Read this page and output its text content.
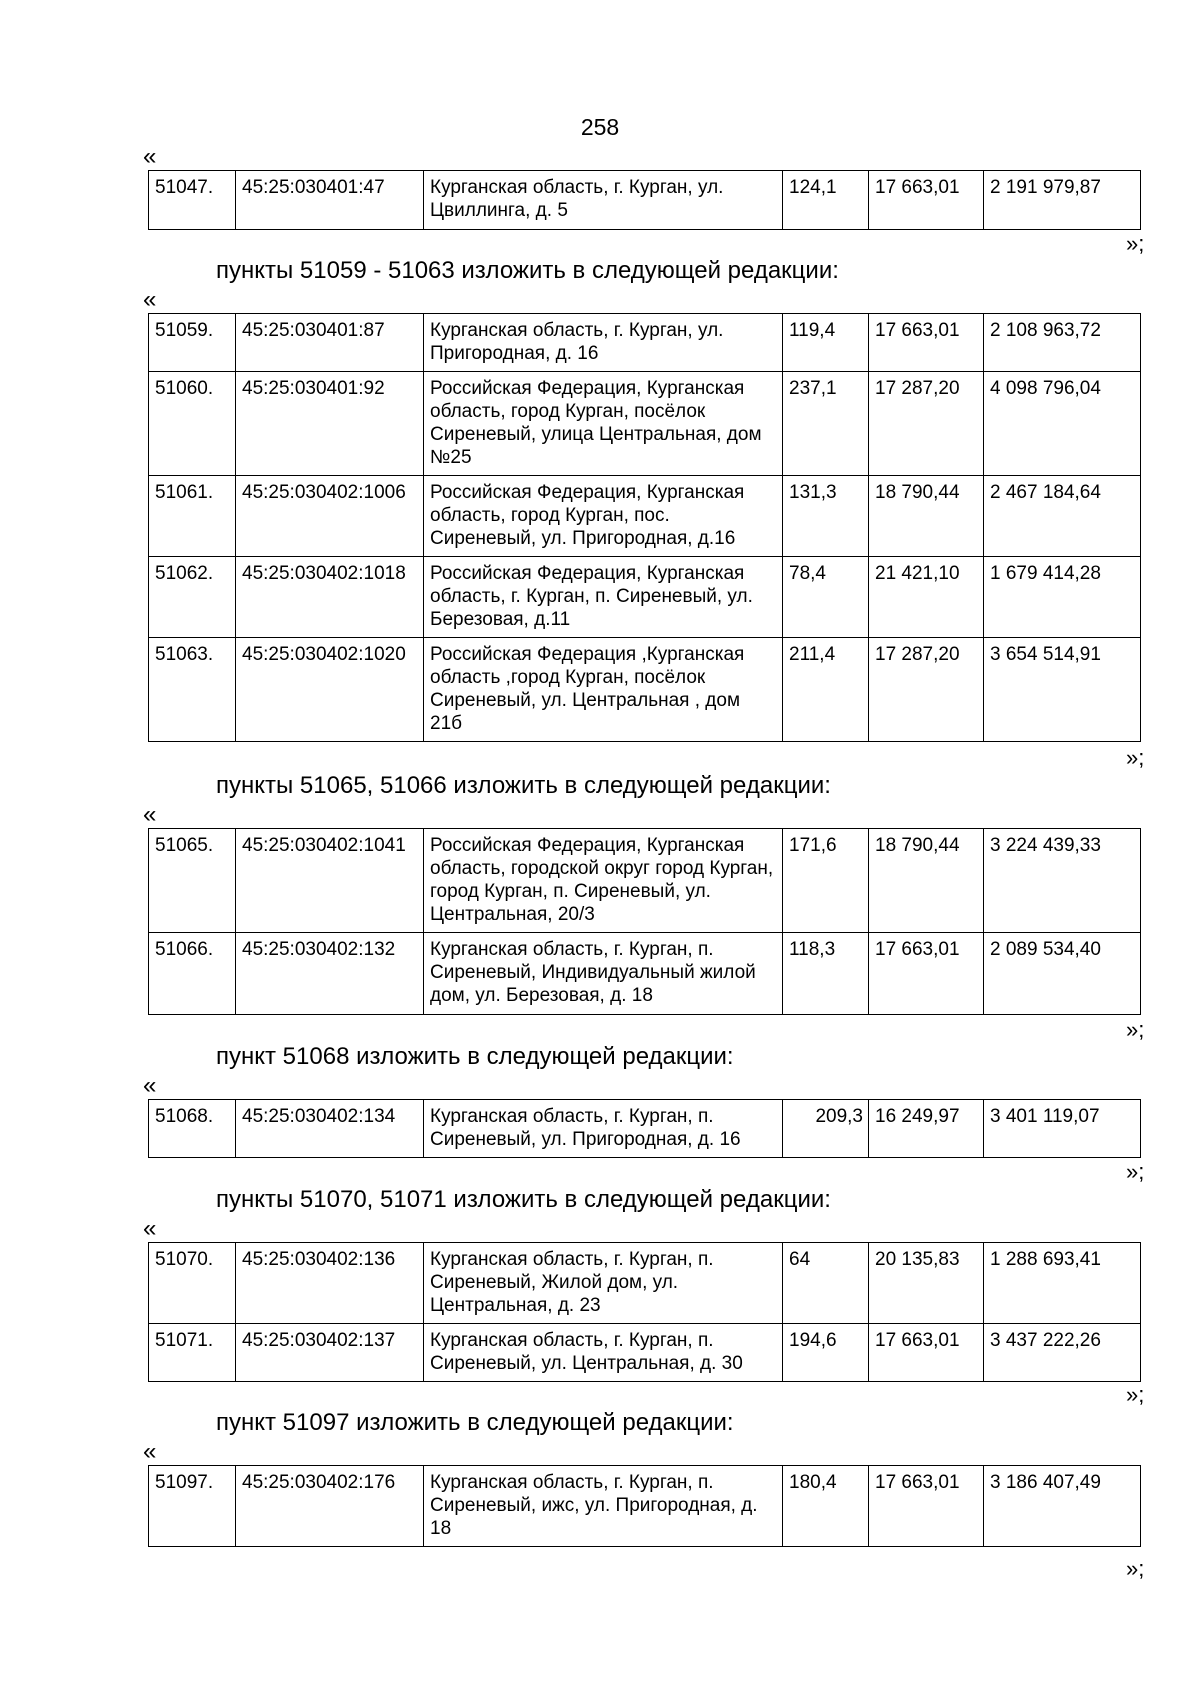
258
«
51047.	45:25:030401:47	Курганская область, г. Курган, ул. Цвиллинга, д. 5	124,1	17 663,01	2 191 979,87
»;
пункты 51059 - 51063 изложить в следующей редакции:
«
51059.	45:25:030401:87	Курганская область, г. Курган, ул. Пригородная, д. 16	119,4	17 663,01	2 108 963,72
51060.	45:25:030401:92	Российская Федерация, Курганская область, город Курган, посёлок Сиреневый, улица Центральная, дом №25	237,1	17 287,20	4 098 796,04
51061.	45:25:030402:1006	Российская Федерация, Курганская область, город Курган, пос. Сиреневый, ул. Пригородная, д.16	131,3	18 790,44	2 467 184,64
51062.	45:25:030402:1018	Российская Федерация, Курганская область, г. Курган, п. Сиреневый, ул. Березовая, д.11	78,4	21 421,10	1 679 414,28
51063.	45:25:030402:1020	Российская Федерация ,Курганская область ,город Курган, посёлок Сиреневый, ул. Центральная , дом 21б	211,4	17 287,20	3 654 514,91
»;
пункты 51065, 51066 изложить в следующей редакции:
«
51065.	45:25:030402:1041	Российская Федерация, Курганская область, городской округ город Курган, город Курган, п. Сиреневый, ул. Центральная, 20/3	171,6	18 790,44	3 224 439,33
51066.	45:25:030402:132	Курганская область, г. Курган, п. Сиреневый, Индивидуальный жилой дом, ул. Березовая, д. 18	118,3	17 663,01	2 089 534,40
»;
пункт 51068 изложить в следующей редакции:
«
51068.	45:25:030402:134	Курганская область, г. Курган, п. Сиреневый, ул. Пригородная, д. 16	209,3	16 249,97	3 401 119,07
»;
пункты 51070, 51071 изложить в следующей редакции:
«
51070.	45:25:030402:136	Курганская область, г. Курган, п. Сиреневый, Жилой дом, ул. Центральная, д. 23	64	20 135,83	1 288 693,41
51071.	45:25:030402:137	Курганская область, г. Курган, п. Сиреневый, ул. Центральная, д. 30	194,6	17 663,01	3 437 222,26
»;
пункт 51097 изложить в следующей редакции:
«
51097.	45:25:030402:176	Курганская область, г. Курган, п. Сиреневый, ижс, ул. Пригородная, д. 18	180,4	17 663,01	3 186 407,49
»;
